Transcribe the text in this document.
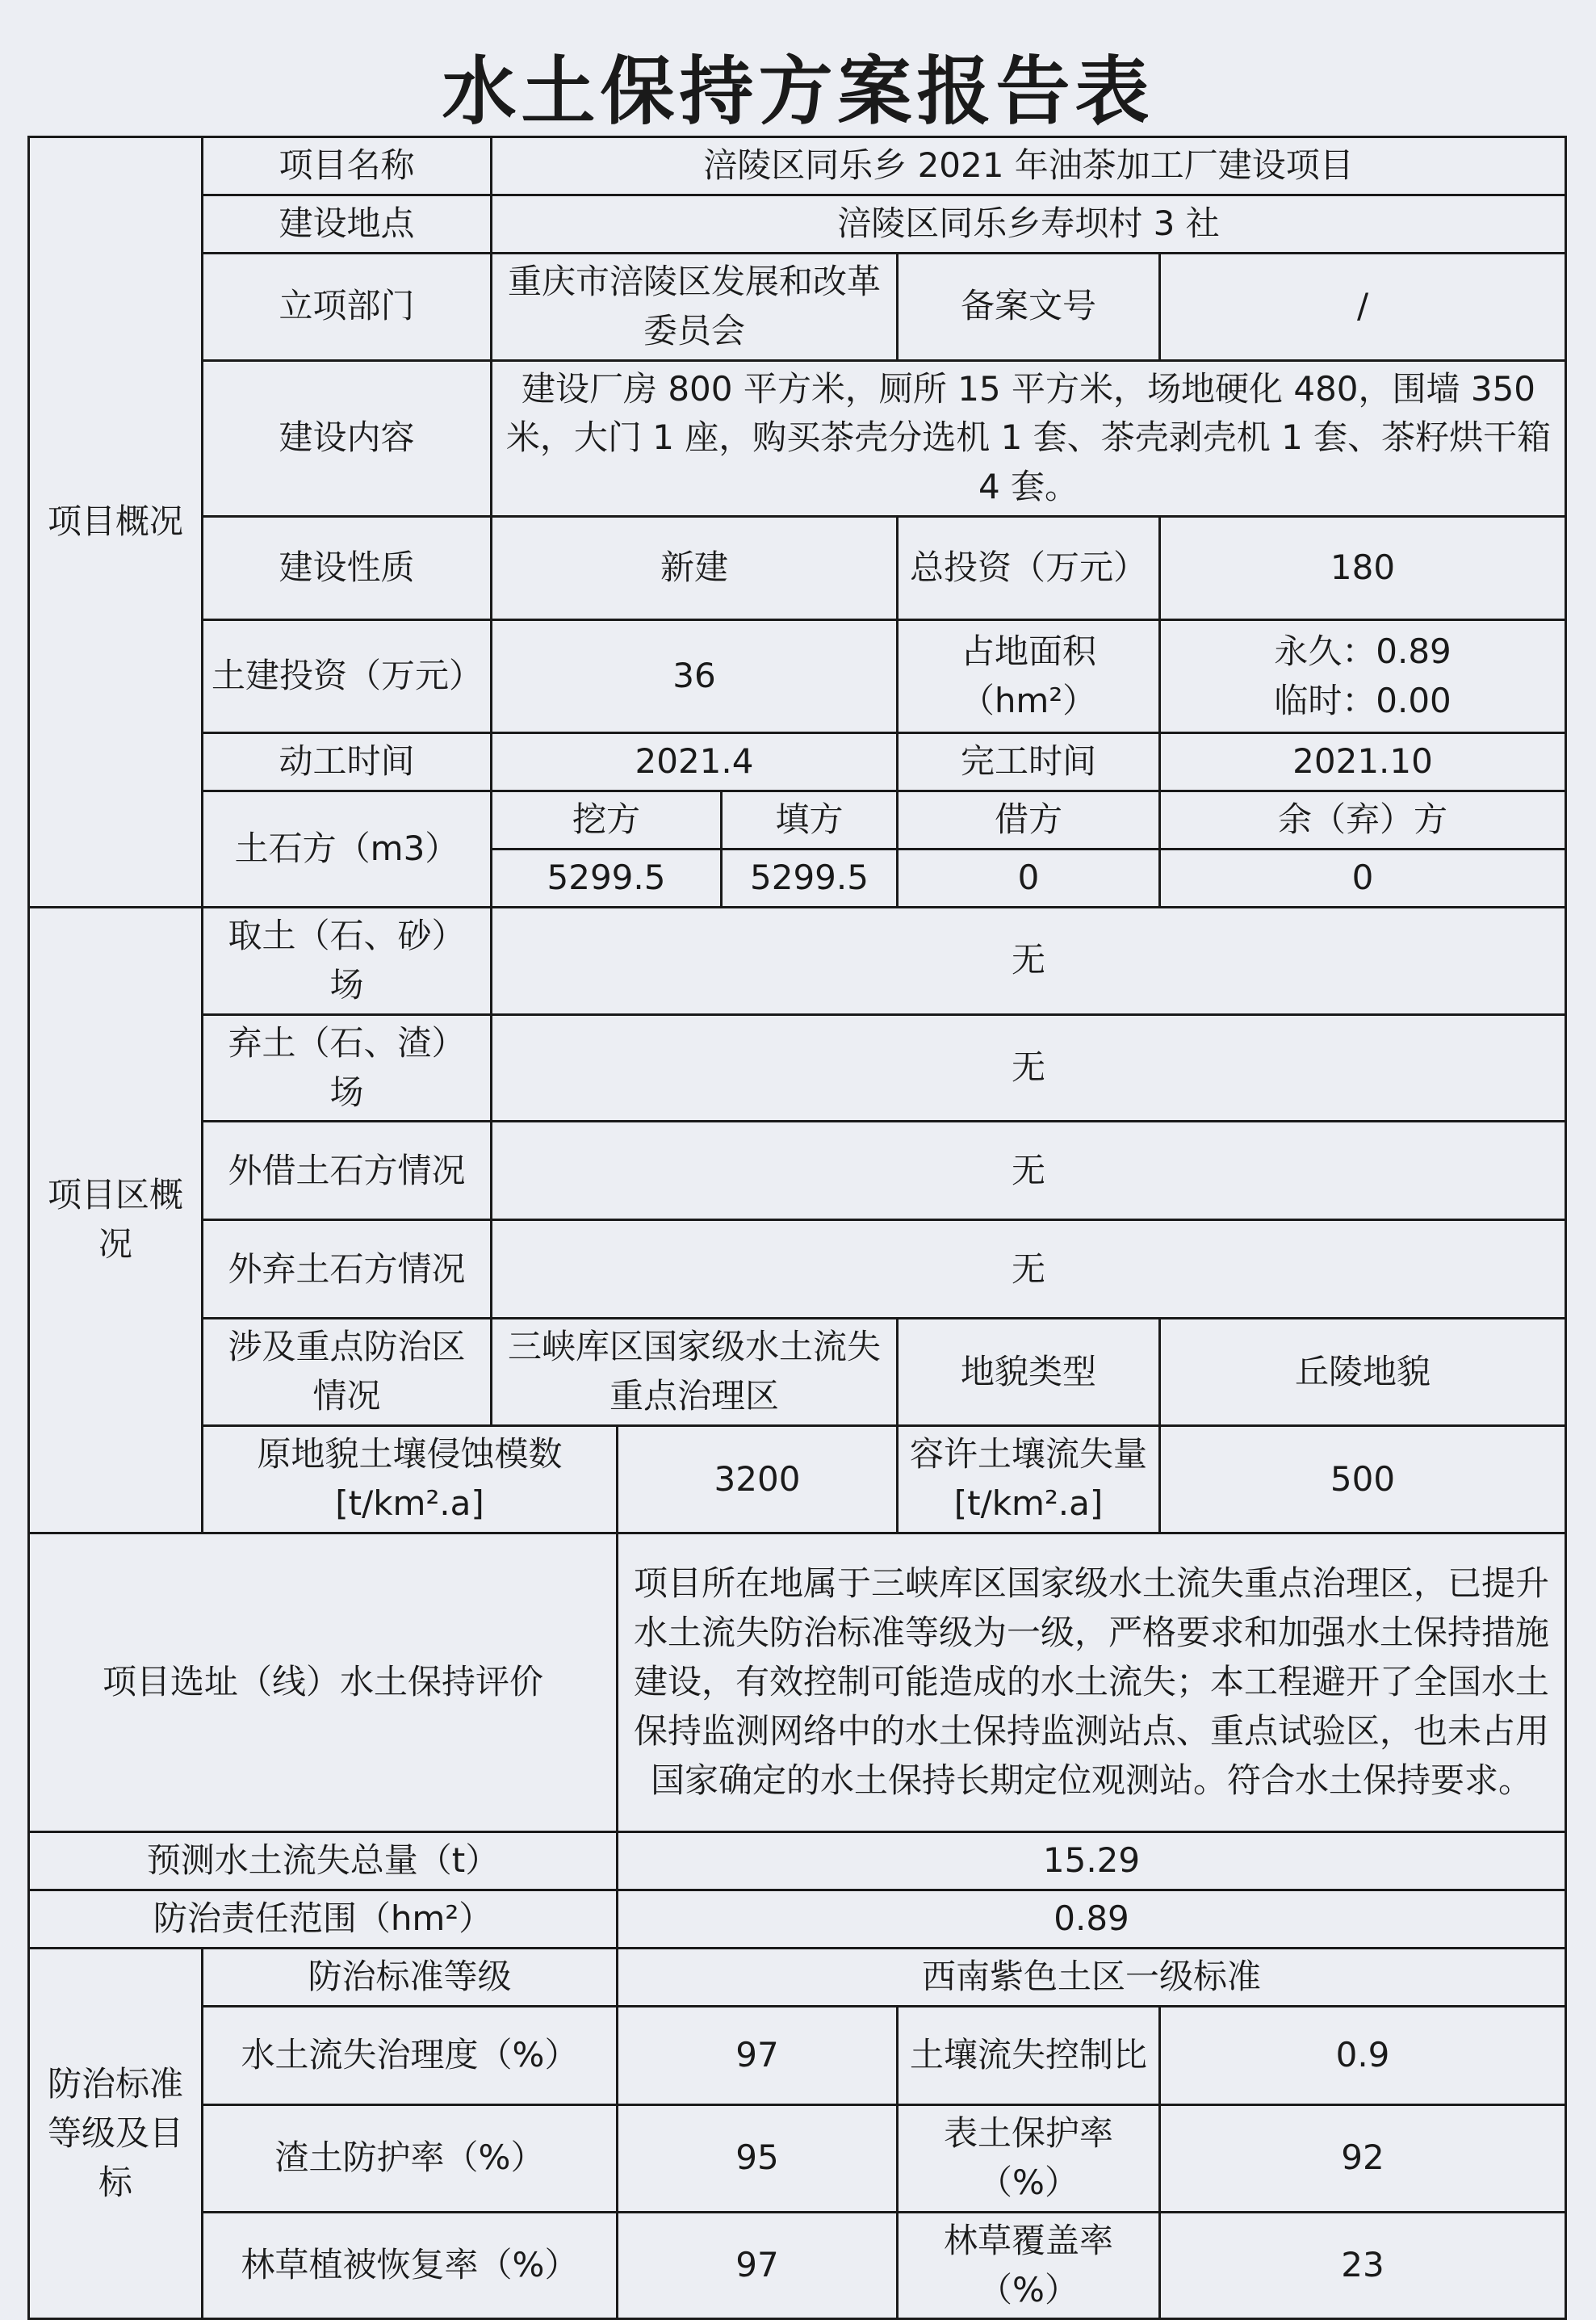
水土保持方案报告表
项目概况	项目名称	涪陵区同乐乡 2021 年油茶加工厂建设项目				
	建设地点	涪陵区同乐乡寿坝村 3 社				
	立项部门	重庆市涪陵区发展和改革委员会			备案文号	/
	建设内容	建设厂房 800 平方米，厕所 15 平方米，场地硬化 480，围墙 350 米，大门 1 座，购买茶壳分选机 1 套、茶壳剥壳机 1 套、茶籽烘干箱 4 套。				
	建设性质	新建			总投资（万元）	180
	土建投资（万元）	36			占地面积（hm²）	永久：0.89
临时：0.00

	动工时间	2021.4			完工时间	2021.10
	土石方（m3）	挖方		填方	借方	余（弃）方
		5299.5		5299.5	0	0
项目区概况	取土（石、砂）场	无				
	弃土（石、渣）场	无				
	外借土石方情况	无				
	外弃土石方情况	无				
	涉及重点防治区情况	三峡库区国家级水土流失重点治理区			地貌类型	丘陵地貌
	原地貌土壤侵蚀模数[t/km².a]		3200		容许土壤流失量[t/km².a]	500
项目选址（线）水土保持评价			项目所在地属于三峡库区国家级水土流失重点治理区，已提升水土流失防治标准等级为一级，严格要求和加强水土保持措施建设，有效控制可能造成的水土流失；本工程避开了全国水土保持监测网络中的水土保持监测站点、重点试验区，也未占用国家确定的水土保持长期定位观测站。符合水土保持要求。			
预测水土流失总量（t）			15.29			
防治责任范围（hm²）			0.89			
防治标准等级及目标	防治标准等级		西南紫色土区一级标准			
	水土流失治理度（%）		97		土壤流失控制比	0.9
	渣土防护率（%）		95		表土保护率（%）	92
	林草植被恢复率（%）		97		林草覆盖率（%）	23
